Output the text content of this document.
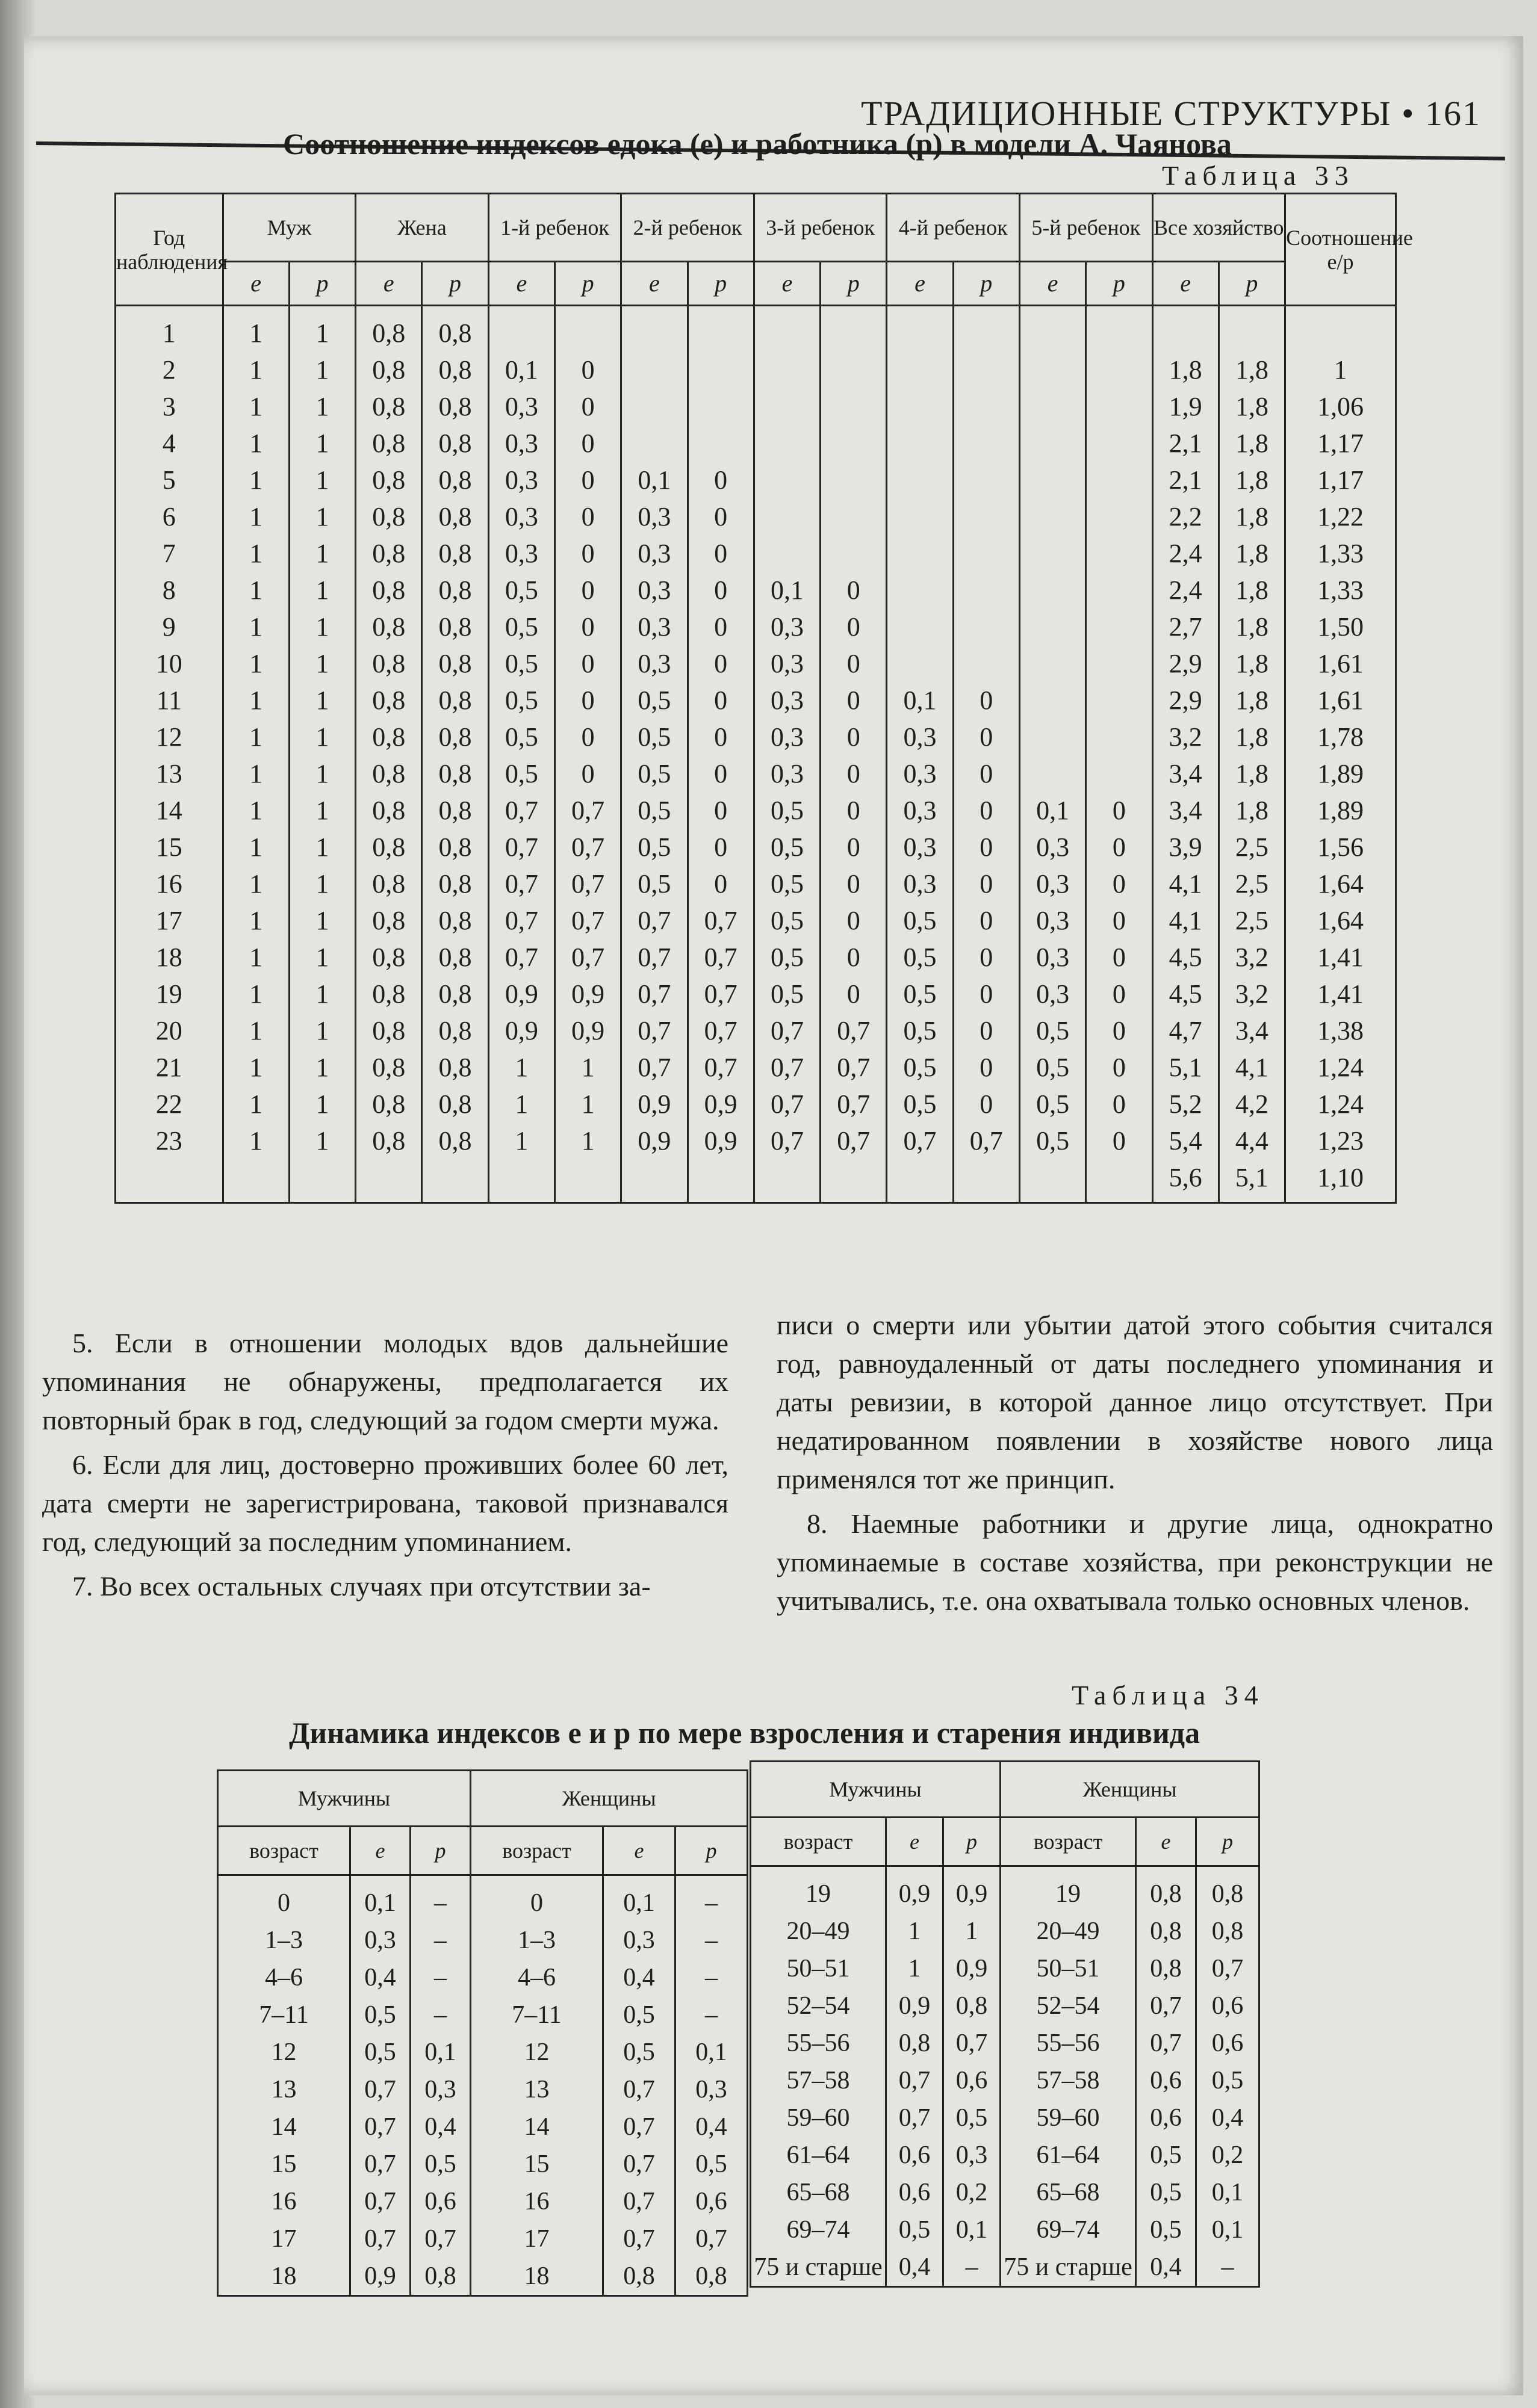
ТРАДИЦИОННЫЕ СТРУКТУРЫ • 161
Таблица 33
Соотношение индексов едока (e) и работника (p) в модели А. Чаянова
Год наблюдения	Муж		Жена		1-й ребенок		2-й ребенок		3-й ребенок		4-й ребенок		5-й ребенок		Все хозяйство		Соотношение e/p
	e	p	e	p	e	p	e	p	e	p	e	p	e	p	e	p	
1	1	1	0,8	0,8													
2	1	1	0,8	0,8	0,1	0									1,8	1,8	1
3	1	1	0,8	0,8	0,3	0									1,9	1,8	1,06
4	1	1	0,8	0,8	0,3	0									2,1	1,8	1,17
5	1	1	0,8	0,8	0,3	0	0,1	0							2,1	1,8	1,17
6	1	1	0,8	0,8	0,3	0	0,3	0							2,2	1,8	1,22
7	1	1	0,8	0,8	0,3	0	0,3	0							2,4	1,8	1,33
8	1	1	0,8	0,8	0,5	0	0,3	0	0,1	0					2,4	1,8	1,33
9	1	1	0,8	0,8	0,5	0	0,3	0	0,3	0					2,7	1,8	1,50
10	1	1	0,8	0,8	0,5	0	0,3	0	0,3	0					2,9	1,8	1,61
11	1	1	0,8	0,8	0,5	0	0,5	0	0,3	0	0,1	0			2,9	1,8	1,61
12	1	1	0,8	0,8	0,5	0	0,5	0	0,3	0	0,3	0			3,2	1,8	1,78
13	1	1	0,8	0,8	0,5	0	0,5	0	0,3	0	0,3	0			3,4	1,8	1,89
14	1	1	0,8	0,8	0,7	0,7	0,5	0	0,5	0	0,3	0	0,1	0	3,4	1,8	1,89
15	1	1	0,8	0,8	0,7	0,7	0,5	0	0,5	0	0,3	0	0,3	0	3,9	2,5	1,56
16	1	1	0,8	0,8	0,7	0,7	0,5	0	0,5	0	0,3	0	0,3	0	4,1	2,5	1,64
17	1	1	0,8	0,8	0,7	0,7	0,7	0,7	0,5	0	0,5	0	0,3	0	4,1	2,5	1,64
18	1	1	0,8	0,8	0,7	0,7	0,7	0,7	0,5	0	0,5	0	0,3	0	4,5	3,2	1,41
19	1	1	0,8	0,8	0,9	0,9	0,7	0,7	0,5	0	0,5	0	0,3	0	4,5	3,2	1,41
20	1	1	0,8	0,8	0,9	0,9	0,7	0,7	0,7	0,7	0,5	0	0,5	0	4,7	3,4	1,38
21	1	1	0,8	0,8	1	1	0,7	0,7	0,7	0,7	0,5	0	0,5	0	5,1	4,1	1,24
22	1	1	0,8	0,8	1	1	0,9	0,9	0,7	0,7	0,5	0	0,5	0	5,2	4,2	1,24
23	1	1	0,8	0,8	1	1	0,9	0,9	0,7	0,7	0,7	0,7	0,5	0	5,4	4,4	1,23
															5,6	5,1	1,10

5. Если в отношении молодых вдов дальнейшие упоминания не обнаружены, предполагается их повторный брак в год, следующий за годом смерти мужа.

6. Если для лиц, достоверно проживших более 60 лет, дата смерти не зарегистрирована, таковой признавался год, следующий за последним упоминанием.

7. Во всех остальных случаях при отсутствии за-

писи о смерти или убытии датой этого события считался год, равноудаленный от даты последнего упоминания и даты ревизии, в которой данное лицо отсутствует. При недатированном появлении в хозяйстве нового лица применялся тот же принцип.

8. Наемные работники и другие лица, однократно упоминаемые в составе хозяйства, при реконструкции не учитывались, т.е. она охватывала только основных членов.

Таблица 34
Динамика индексов e и p по мере взросления и старения индивида
Мужчины			Женщины		
возраст	e	p	возраст	e	p
0	0,1	–	0	0,1	–
1–3	0,3	–	1–3	0,3	–
4–6	0,4	–	4–6	0,4	–
7–11	0,5	–	7–11	0,5	–
12	0,5	0,1	12	0,5	0,1
13	0,7	0,3	13	0,7	0,3
14	0,7	0,4	14	0,7	0,4
15	0,7	0,5	15	0,7	0,5
16	0,7	0,6	16	0,7	0,6
17	0,7	0,7	17	0,7	0,7
18	0,9	0,8	18	0,8	0,8
Мужчины			Женщины		
возраст	e	p	возраст	e	p
19	0,9	0,9	19	0,8	0,8
20–49	1	1	20–49	0,8	0,8
50–51	1	0,9	50–51	0,8	0,7
52–54	0,9	0,8	52–54	0,7	0,6
55–56	0,8	0,7	55–56	0,7	0,6
57–58	0,7	0,6	57–58	0,6	0,5
59–60	0,7	0,5	59–60	0,6	0,4
61–64	0,6	0,3	61–64	0,5	0,2
65–68	0,6	0,2	65–68	0,5	0,1
69–74	0,5	0,1	69–74	0,5	0,1
75 и старше	0,4	–	75 и старше	0,4	–
